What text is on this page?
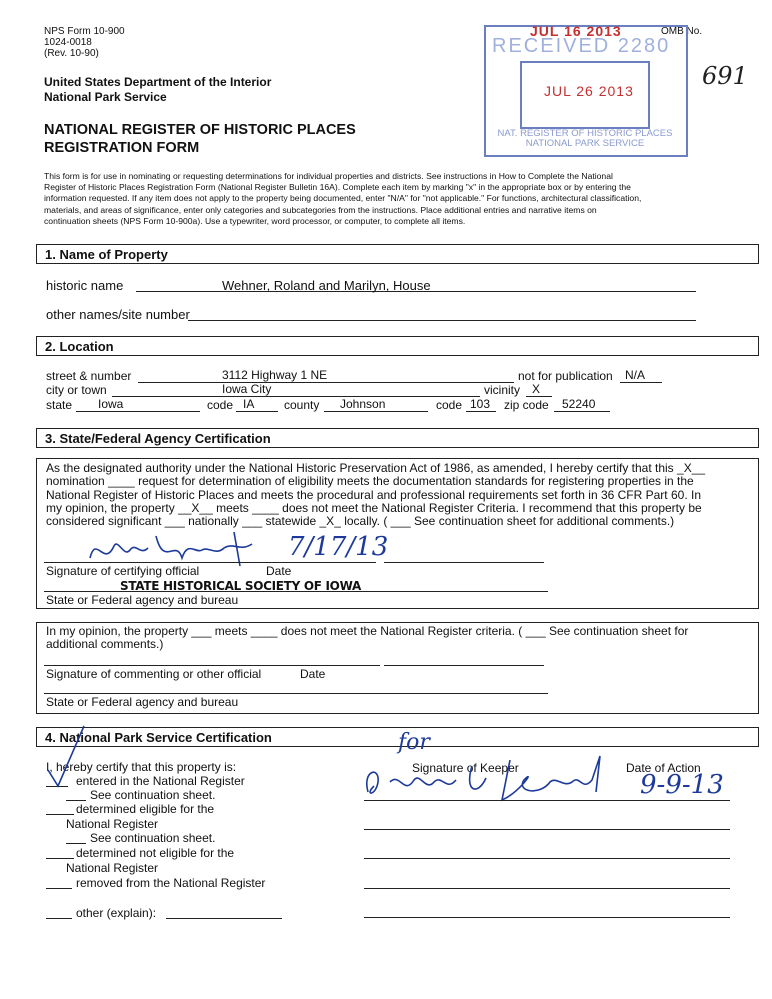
NPS Form 10-900
1024-0018
(Rev. 10-90)
OMB No.
United States Department of the Interior
National Park Service
NATIONAL REGISTER OF HISTORIC PLACES
REGISTRATION FORM
This form is for use in nominating or requesting determinations for individual properties and districts. See instructions in How to Complete the National
Register of Historic Places Registration Form (National Register Bulletin 16A). Complete each item by marking "x" in the appropriate box or by entering the
information requested. If any item does not apply to the property being documented, enter "N/A" for "not applicable." For functions, architectural classification,
materials, and areas of significance, enter only categories and subcategories from the instructions. Place additional entries and narrative items on
continuation sheets (NPS Form 10-900a). Use a typewriter, word processor, or computer, to complete all items.
JUL 16 2013
RECEIVED 2280
JUL 26 2013
NAT. REGISTER OF HISTORIC PLACES
NATIONAL PARK SERVICE
691
1. Name of Property
historic name	Wehner, Roland and Marilyn, House
other names/site number
2. Location
street & number	3112 Highway 1 NE	not for publication N/A
city or town	Iowa City	vicinity X
state Iowa	code IA county Johnson	code 103 zip code 52240
3. State/Federal Agency Certification
As the designated authority under the National Historic Preservation Act of 1986, as amended, I hereby certify that this _X__
nomination ____ request for determination of eligibility meets the documentation standards for registering properties in the
National Register of Historic Places and meets the procedural and professional requirements set forth in 36 CFR Part 60. In
my opinion, the property __X__ meets ____ does not meet the National Register Criteria. I recommend that this property be
considered significant ___ nationally ___ statewide _X_ locally. ( ___ See continuation sheet for additional comments.)
7/17/13
Signature of certifying official	Date
STATE HISTORICAL SOCIETY OF IOWA
State or Federal agency and bureau
In my opinion, the property ___ meets ____ does not meet the National Register criteria. ( ___ See continuation sheet for
additional comments.)
Signature of commenting or other official	Date
State or Federal agency and bureau
4. National Park Service Certification
I, hereby certify that this property is:
entered in the National Register
See continuation sheet.
determined eligible for the
National Register
See continuation sheet.
determined not eligible for the
National Register
removed from the National Register
other (explain):
Signature of Keeper	Date of Action
for
9-9-13
